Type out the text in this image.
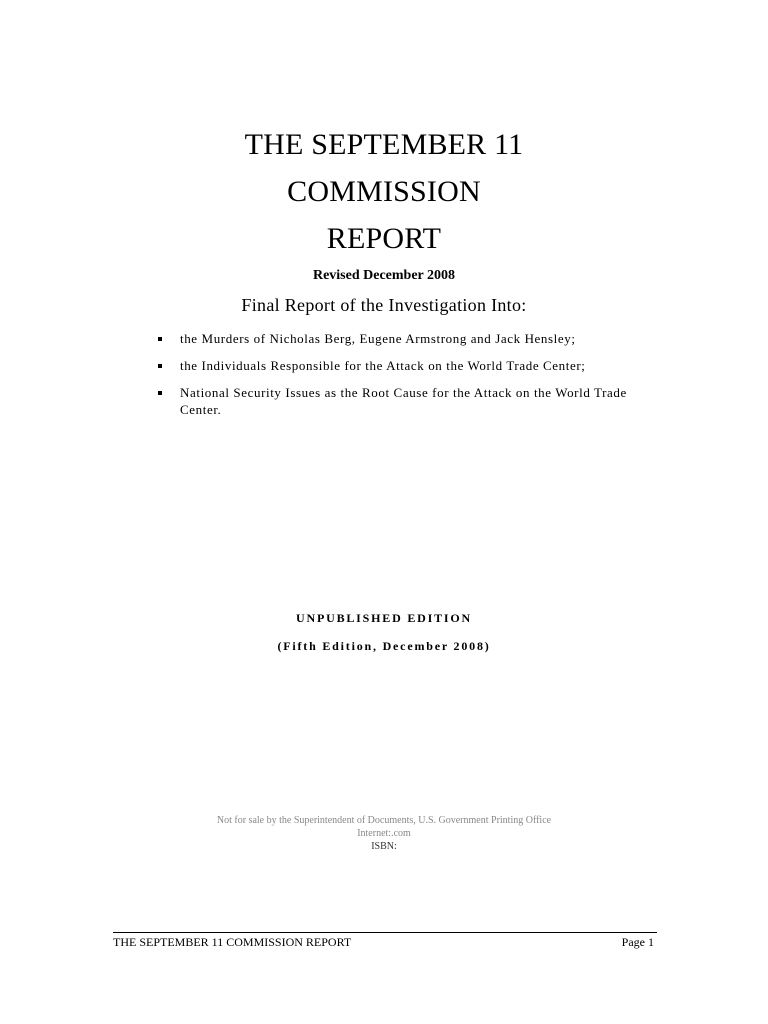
THE SEPTEMBER 11
COMMISSION
REPORT
Revised December 2008
Final Report of the Investigation Into:
the Murders of Nicholas Berg, Eugene Armstrong and Jack Hensley;
the Individuals Responsible for the Attack on the World Trade Center;
National Security Issues as the Root Cause for the Attack on the World Trade Center.
UNPUBLISHED EDITION
(Fifth Edition, December 2008)
Not for sale by the Superintendent of Documents, U.S. Government Printing Office
Internet:.com
ISBN:
THE SEPTEMBER 11 COMMISSION REPORT	Page 1
